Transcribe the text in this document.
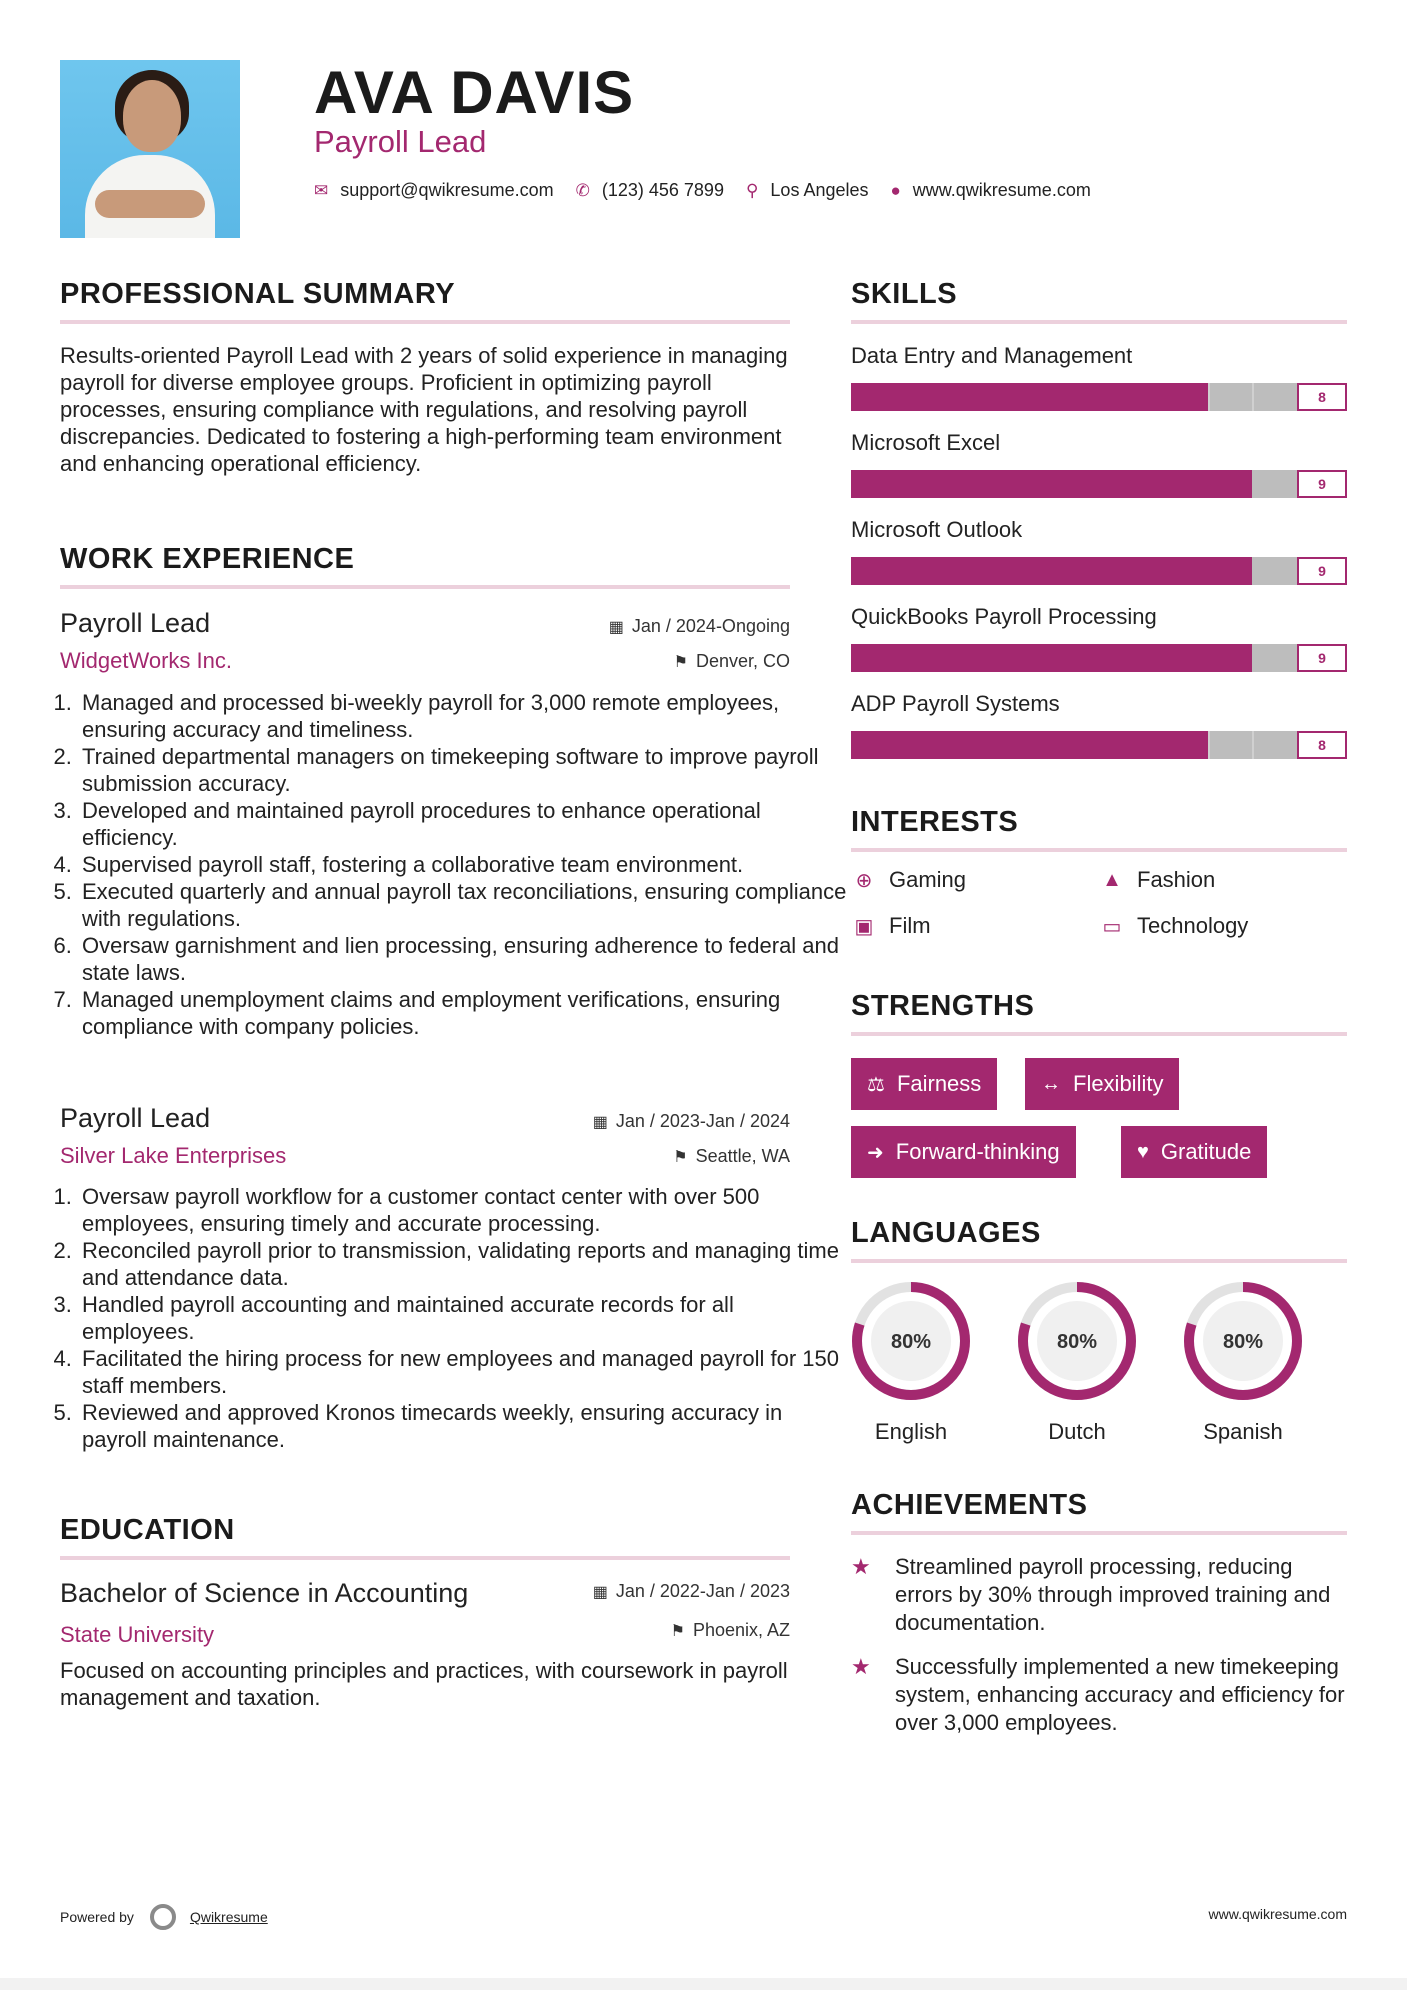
AVA DAVIS
Payroll Lead
✉ support@qwikresume.com ✆ (123) 456 7899 ⚲ Los Angeles ● www.qwikresume.com
PROFESSIONAL SUMMARY
Results-oriented Payroll Lead with 2 years of solid experience in managing payroll for diverse employee groups. Proficient in optimizing payroll processes, ensuring compliance with regulations, and resolving payroll discrepancies. Dedicated to fostering a high-performing team environment and enhancing operational efficiency.
WORK EXPERIENCE
Payroll Lead	▦ Jan / 2024-Ongoing
WidgetWorks Inc.	⚑ Denver, CO
1. Managed and processed bi-weekly payroll for 3,000 remote employees, ensuring accuracy and timeliness.
2. Trained departmental managers on timekeeping software to improve payroll submission accuracy.
3. Developed and maintained payroll procedures to enhance operational efficiency.
4. Supervised payroll staff, fostering a collaborative team environment.
5. Executed quarterly and annual payroll tax reconciliations, ensuring compliance with regulations.
6. Oversaw garnishment and lien processing, ensuring adherence to federal and state laws.
7. Managed unemployment claims and employment verifications, ensuring compliance with company policies.
Payroll Lead	▦ Jan / 2023-Jan / 2024
Silver Lake Enterprises	⚑ Seattle, WA
1. Oversaw payroll workflow for a customer contact center with over 500 employees, ensuring timely and accurate processing.
2. Reconciled payroll prior to transmission, validating reports and managing time and attendance data.
3. Handled payroll accounting and maintained accurate records for all employees.
4. Facilitated the hiring process for new employees and managed payroll for 150 staff members.
5. Reviewed and approved Kronos timecards weekly, ensuring accuracy in payroll maintenance.
EDUCATION
Bachelor of Science in Accounting	▦ Jan / 2022-Jan / 2023
State University	⚑ Phoenix, AZ
Focused on accounting principles and practices, with coursework in payroll management and taxation.
SKILLS
Data Entry and Management
8
Microsoft Excel
9
Microsoft Outlook
9
QuickBooks Payroll Processing
9
ADP Payroll Systems
8
INTERESTS
⊕ Gaming	▲ Fashion
▣ Film	▭ Technology
STRENGTHS
⚖ Fairness	↔ Flexibility
➜ Forward-thinking	♥ Gratitude
LANGUAGES
80%
English
80%
Dutch
80%
Spanish
ACHIEVEMENTS
★	Streamlined payroll processing, reducing errors by 30% through improved training and documentation.
★	Successfully implemented a new timekeeping system, enhancing accuracy and efficiency for over 3,000 employees.
Powered by	Qwikresume	www.qwikresume.com
